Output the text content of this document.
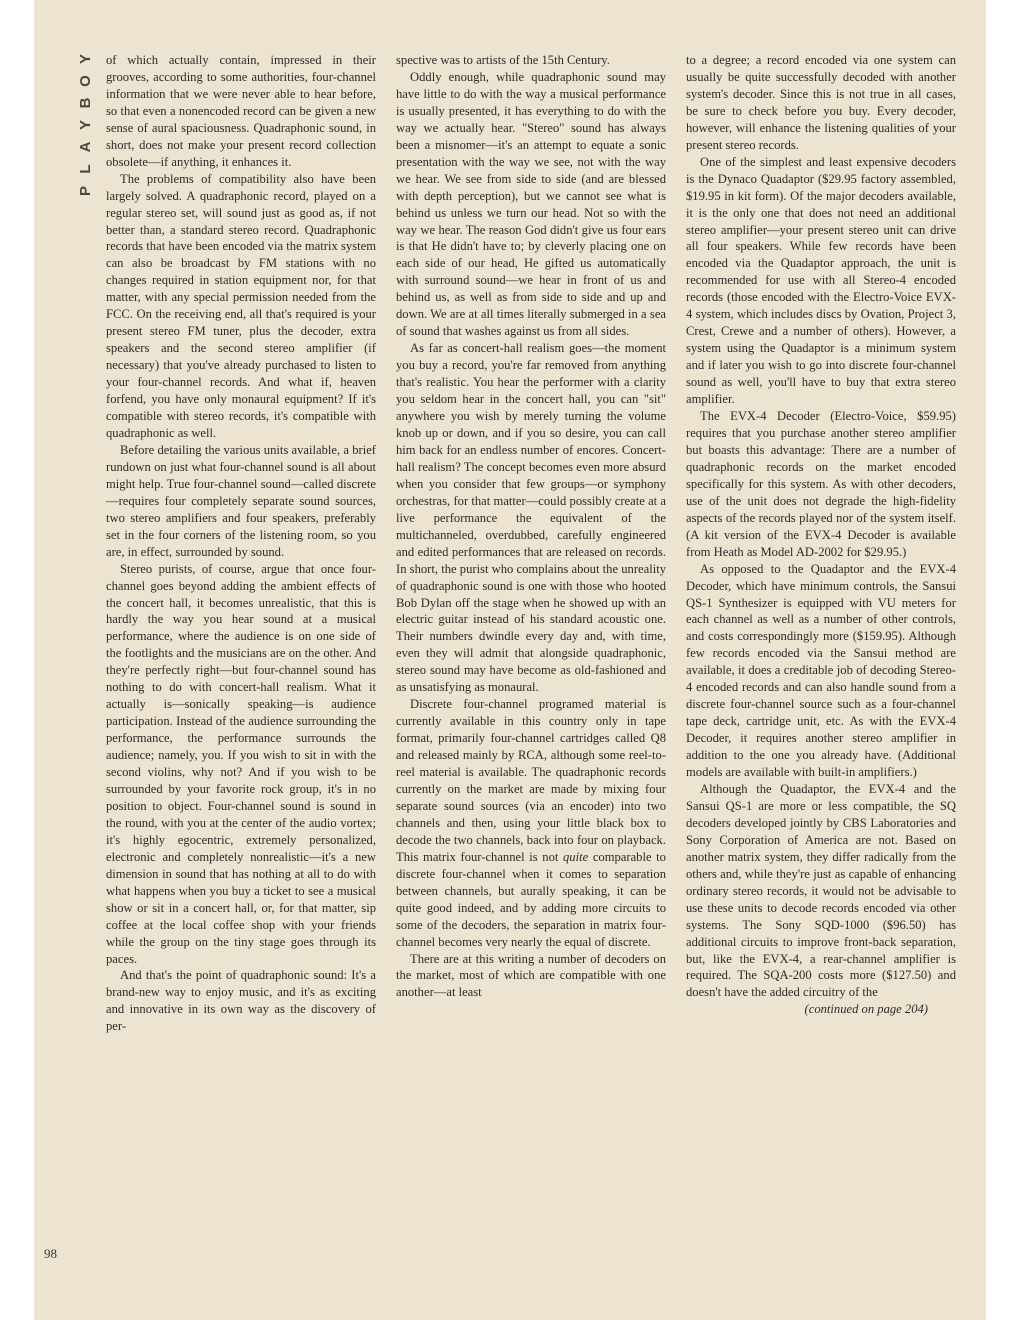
P
L
A
Y
B
O
Y
98

of which actually contain, impressed in their grooves, according to some authorities, four-channel information that we were never able to hear before, so that even a nonencoded record can be given a new sense of aural spaciousness. Quadraphonic sound, in short, does not make your present record collection obsolete—if anything, it enhances it.

The problems of compatibility also have been largely solved. A quadraphonic record, played on a regular stereo set, will sound just as good as, if not better than, a standard stereo record. Quadraphonic records that have been encoded via the matrix system can also be broadcast by FM stations with no changes required in station equipment nor, for that matter, with any special permission needed from the FCC. On the receiving end, all that's required is your present stereo FM tuner, plus the decoder, extra speakers and the second stereo amplifier (if necessary) that you've already purchased to listen to your four-channel records. And what if, heaven forfend, you have only monaural equipment? If it's compatible with stereo records, it's compatible with quadraphonic as well.

Before detailing the various units available, a brief rundown on just what four-channel sound is all about might help. True four-channel sound—called discrete—requires four completely separate sound sources, two stereo amplifiers and four speakers, preferably set in the four corners of the listening room, so you are, in effect, surrounded by sound.

Stereo purists, of course, argue that once four-channel goes beyond adding the ambient effects of the concert hall, it becomes unrealistic, that this is hardly the way you hear sound at a musical performance, where the audience is on one side of the footlights and the musicians are on the other. And they're perfectly right—but four-channel sound has nothing to do with concert-hall realism. What it actually is—sonically speaking—is audience participation. Instead of the audience surrounding the performance, the performance surrounds the audience; namely, you. If you wish to sit in with the second violins, why not? And if you wish to be surrounded by your favorite rock group, it's in no position to object. Four-channel sound is sound in the round, with you at the center of the audio vortex; it's highly egocentric, extremely personalized, electronic and completely nonrealistic—it's a new dimension in sound that has nothing at all to do with what happens when you buy a ticket to see a musical show or sit in a concert hall, or, for that matter, sip coffee at the local coffee shop with your friends while the group on the tiny stage goes through its paces.

And that's the point of quadraphonic sound: It's a brand-new way to enjoy music, and it's as exciting and innovative in its own way as the discovery of per-

spective was to artists of the 15th Century.

Oddly enough, while quadraphonic sound may have little to do with the way a musical performance is usually presented, it has everything to do with the way we actually hear. "Stereo" sound has always been a misnomer—it's an attempt to equate a sonic presentation with the way we see, not with the way we hear. We see from side to side (and are blessed with depth perception), but we cannot see what is behind us unless we turn our head. Not so with the way we hear. The reason God didn't give us four ears is that He didn't have to; by cleverly placing one on each side of our head, He gifted us automatically with surround sound—we hear in front of us and behind us, as well as from side to side and up and down. We are at all times literally submerged in a sea of sound that washes against us from all sides.

As far as concert-hall realism goes—the moment you buy a record, you're far removed from anything that's realistic. You hear the performer with a clarity you seldom hear in the concert hall, you can "sit" anywhere you wish by merely turning the volume knob up or down, and if you so desire, you can call him back for an endless number of encores. Concert-hall realism? The concept becomes even more absurd when you consider that few groups—or symphony orchestras, for that matter—could possibly create at a live performance the equivalent of the multichanneled, overdubbed, carefully engineered and edited performances that are released on records. In short, the purist who complains about the unreality of quadraphonic sound is one with those who hooted Bob Dylan off the stage when he showed up with an electric guitar instead of his standard acoustic one. Their numbers dwindle every day and, with time, even they will admit that alongside quadraphonic, stereo sound may have become as old-fashioned and as unsatisfying as monaural.

Discrete four-channel programed material is currently available in this country only in tape format, primarily four-channel cartridges called Q8 and released mainly by RCA, although some reel-to-reel material is available. The quadraphonic records currently on the market are made by mixing four separate sound sources (via an encoder) into two channels and then, using your little black box to decode the two channels, back into four on playback. This matrix four-channel is not quite comparable to discrete four-channel when it comes to separation between channels, but aurally speaking, it can be quite good indeed, and by adding more circuits to some of the decoders, the separation in matrix four-channel becomes very nearly the equal of discrete.

There are at this writing a number of decoders on the market, most of which are compatible with one another—at least

to a degree; a record encoded via one system can usually be quite successfully decoded with another system's decoder. Since this is not true in all cases, be sure to check before you buy. Every decoder, however, will enhance the listening qualities of your present stereo records.

One of the simplest and least expensive decoders is the Dynaco Quadaptor ($29.95 factory assembled, $19.95 in kit form). Of the major decoders available, it is the only one that does not need an additional stereo amplifier—your present stereo unit can drive all four speakers. While few records have been encoded via the Quadaptor approach, the unit is recommended for use with all Stereo-4 encoded records (those encoded with the Electro-Voice EVX-4 system, which includes discs by Ovation, Project 3, Crest, Crewe and a number of others). However, a system using the Quadaptor is a minimum system and if later you wish to go into discrete four-channel sound as well, you'll have to buy that extra stereo amplifier.

The EVX-4 Decoder (Electro-Voice, $59.95) requires that you purchase another stereo amplifier but boasts this advantage: There are a number of quadraphonic records on the market encoded specifically for this system. As with other decoders, use of the unit does not degrade the high-fidelity aspects of the records played nor of the system itself. (A kit version of the EVX-4 Decoder is available from Heath as Model AD-2002 for $29.95.)

As opposed to the Quadaptor and the EVX-4 Decoder, which have minimum controls, the Sansui QS-1 Synthesizer is equipped with VU meters for each channel as well as a number of other controls, and costs correspondingly more ($159.95). Although few records encoded via the Sansui method are available, it does a creditable job of decoding Stereo-4 encoded records and can also handle sound from a discrete four-channel source such as a four-channel tape deck, cartridge unit, etc. As with the EVX-4 Decoder, it requires another stereo amplifier in addition to the one you already have. (Additional models are available with built-in amplifiers.)

Although the Quadaptor, the EVX-4 and the Sansui QS-1 are more or less compatible, the SQ decoders developed jointly by CBS Laboratories and Sony Corporation of America are not. Based on another matrix system, they differ radically from the others and, while they're just as capable of enhancing ordinary stereo records, it would not be advisable to use these units to decode records encoded via other systems. The Sony SQD-1000 ($96.50) has additional circuits to improve front-back separation, but, like the EVX-4, a rear-channel amplifier is required. The SQA-200 costs more ($127.50) and doesn't have the added circuitry of the

(continued on page 204)
